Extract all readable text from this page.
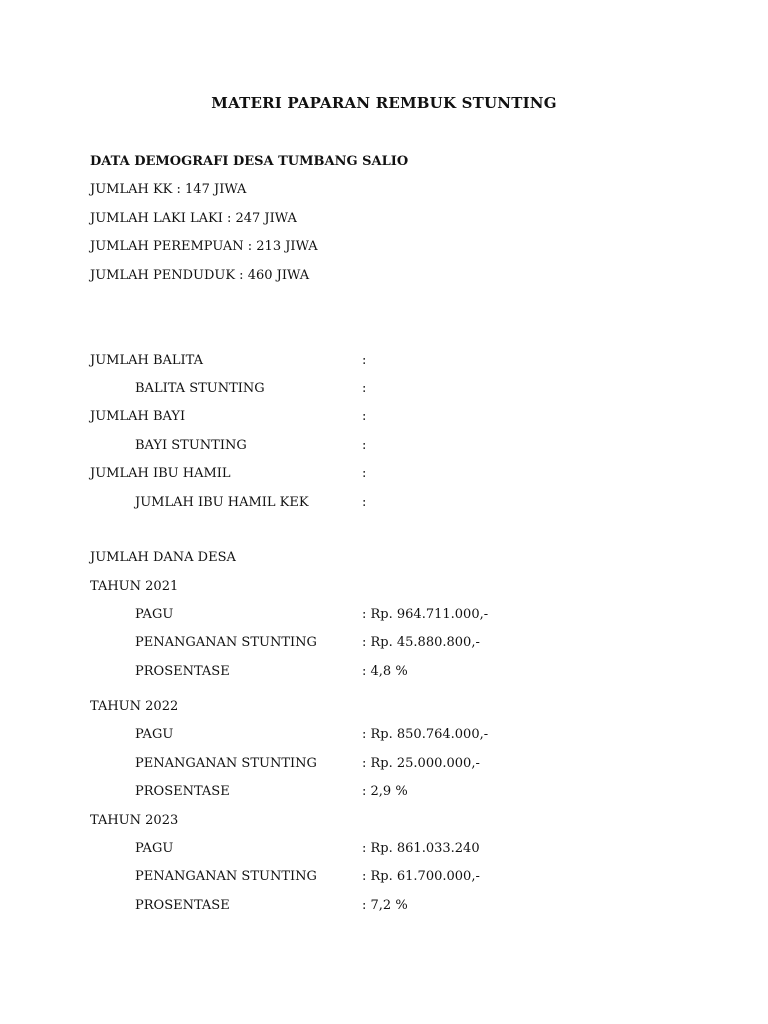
MATERI PAPARAN REMBUK STUNTING
DATA DEMOGRAFI DESA TUMBANG SALIO
JUMLAH KK : 147 JIWA
JUMLAH LAKI LAKI : 247 JIWA
JUMLAH PEREMPUAN : 213 JIWA
JUMLAH PENDUDUK : 460 JIWA
JUMLAH BALITA	:
BALITA STUNTING	:
JUMLAH BAYI	:
BAYI STUNTING	:
JUMLAH IBU HAMIL	:
JUMLAH IBU HAMIL KEK	:
JUMLAH DANA DESA
TAHUN 2021
PAGU	: Rp. 964.711.000,-
PENANGANAN STUNTING	: Rp. 45.880.800,-
PROSENTASE	: 4,8 %
TAHUN 2022
PAGU	: Rp. 850.764.000,-
PENANGANAN STUNTING	: Rp. 25.000.000,-
PROSENTASE	: 2,9 %
TAHUN 2023
PAGU	: Rp. 861.033.240
PENANGANAN STUNTING	: Rp. 61.700.000,-
PROSENTASE	: 7,2 %
